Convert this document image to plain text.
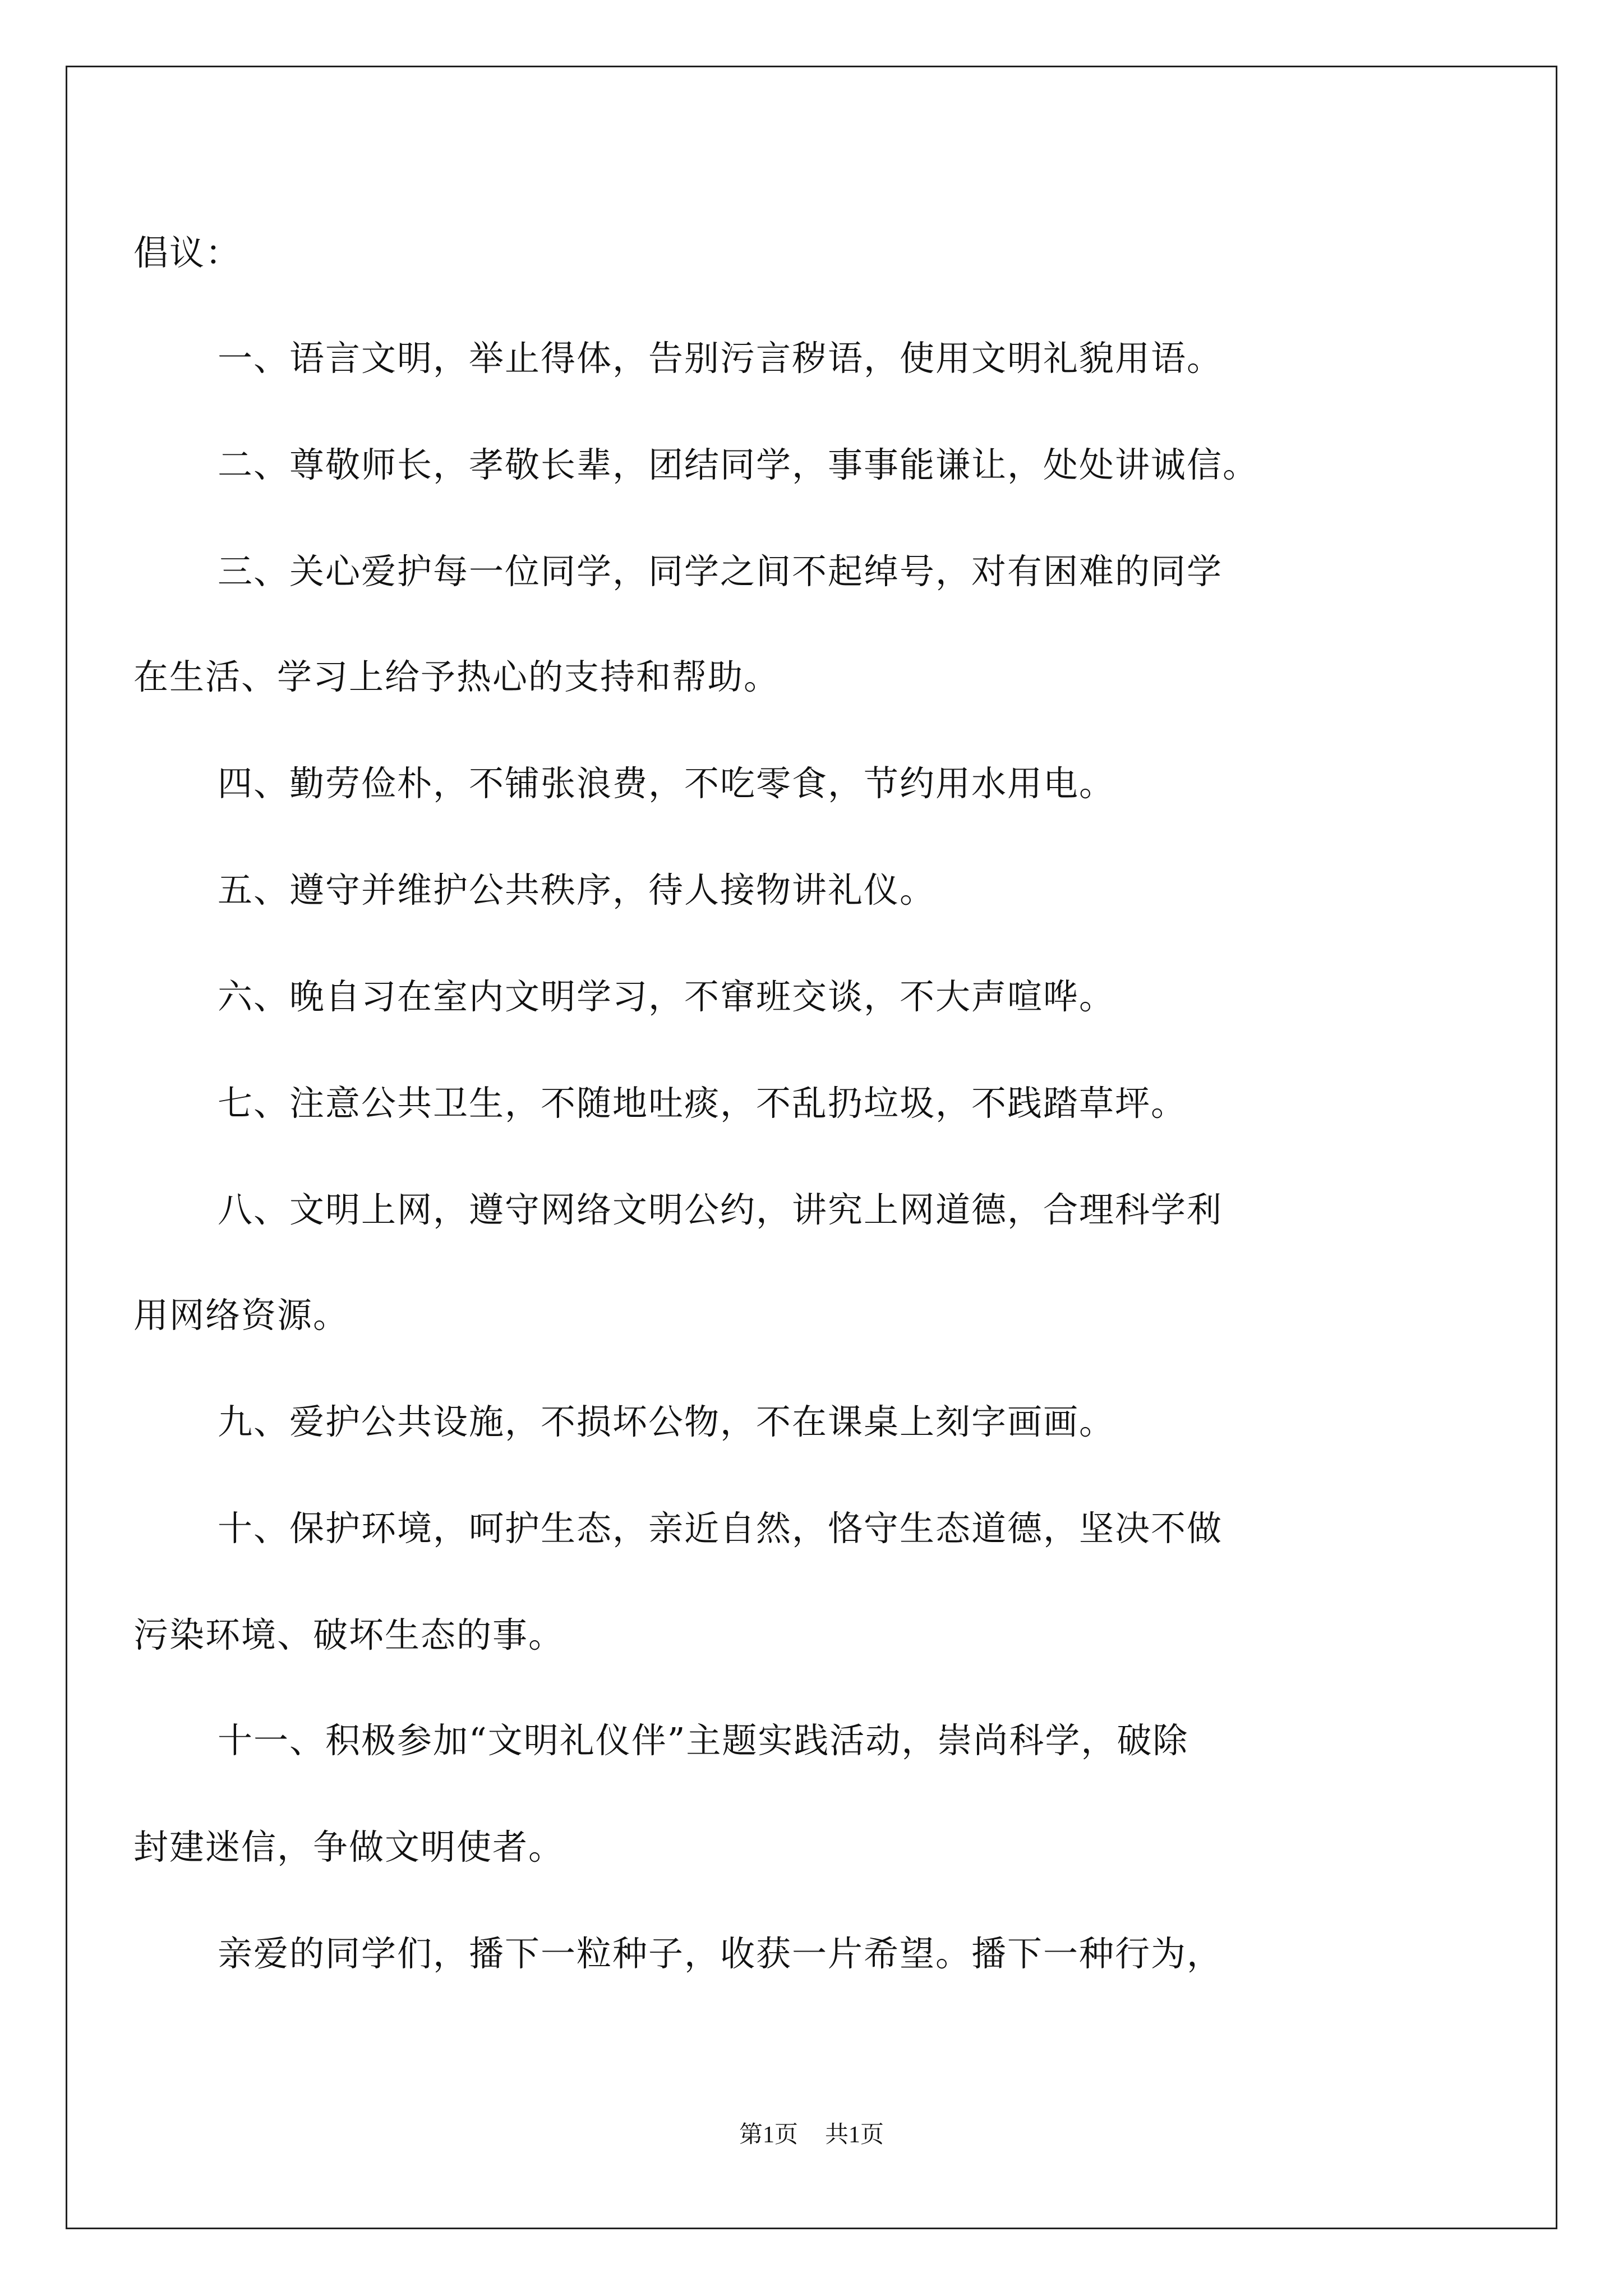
倡议：
一、语言文明，举止得体，告别污言秽语，使用文明礼貌用语。
二、尊敬师长，孝敬长辈，团结同学，事事能谦让，处处讲诚信。
三、关心爱护每一位同学，同学之间不起绰号，对有困难的同学
在生活、学习上给予热心的支持和帮助。
四、勤劳俭朴，不铺张浪费，不吃零食，节约用水用电。
五、遵守并维护公共秩序，待人接物讲礼仪。
六、晚自习在室内文明学习，不窜班交谈，不大声喧哗。
七、注意公共卫生，不随地吐痰，不乱扔垃圾，不践踏草坪。
八、文明上网，遵守网络文明公约，讲究上网道德，合理科学利
用网络资源。
九、爱护公共设施，不损坏公物，不在课桌上刻字画画。
十、保护环境，呵护生态，亲近自然，恪守生态道德，坚决不做
污染环境、破坏生态的事。
十一、积极参加“文明礼仪伴”主题实践活动，崇尚科学，破除
封建迷信，争做文明使者。
亲爱的同学们，播下一粒种子，收获一片希望。播下一种行为，
第1页 共1页
